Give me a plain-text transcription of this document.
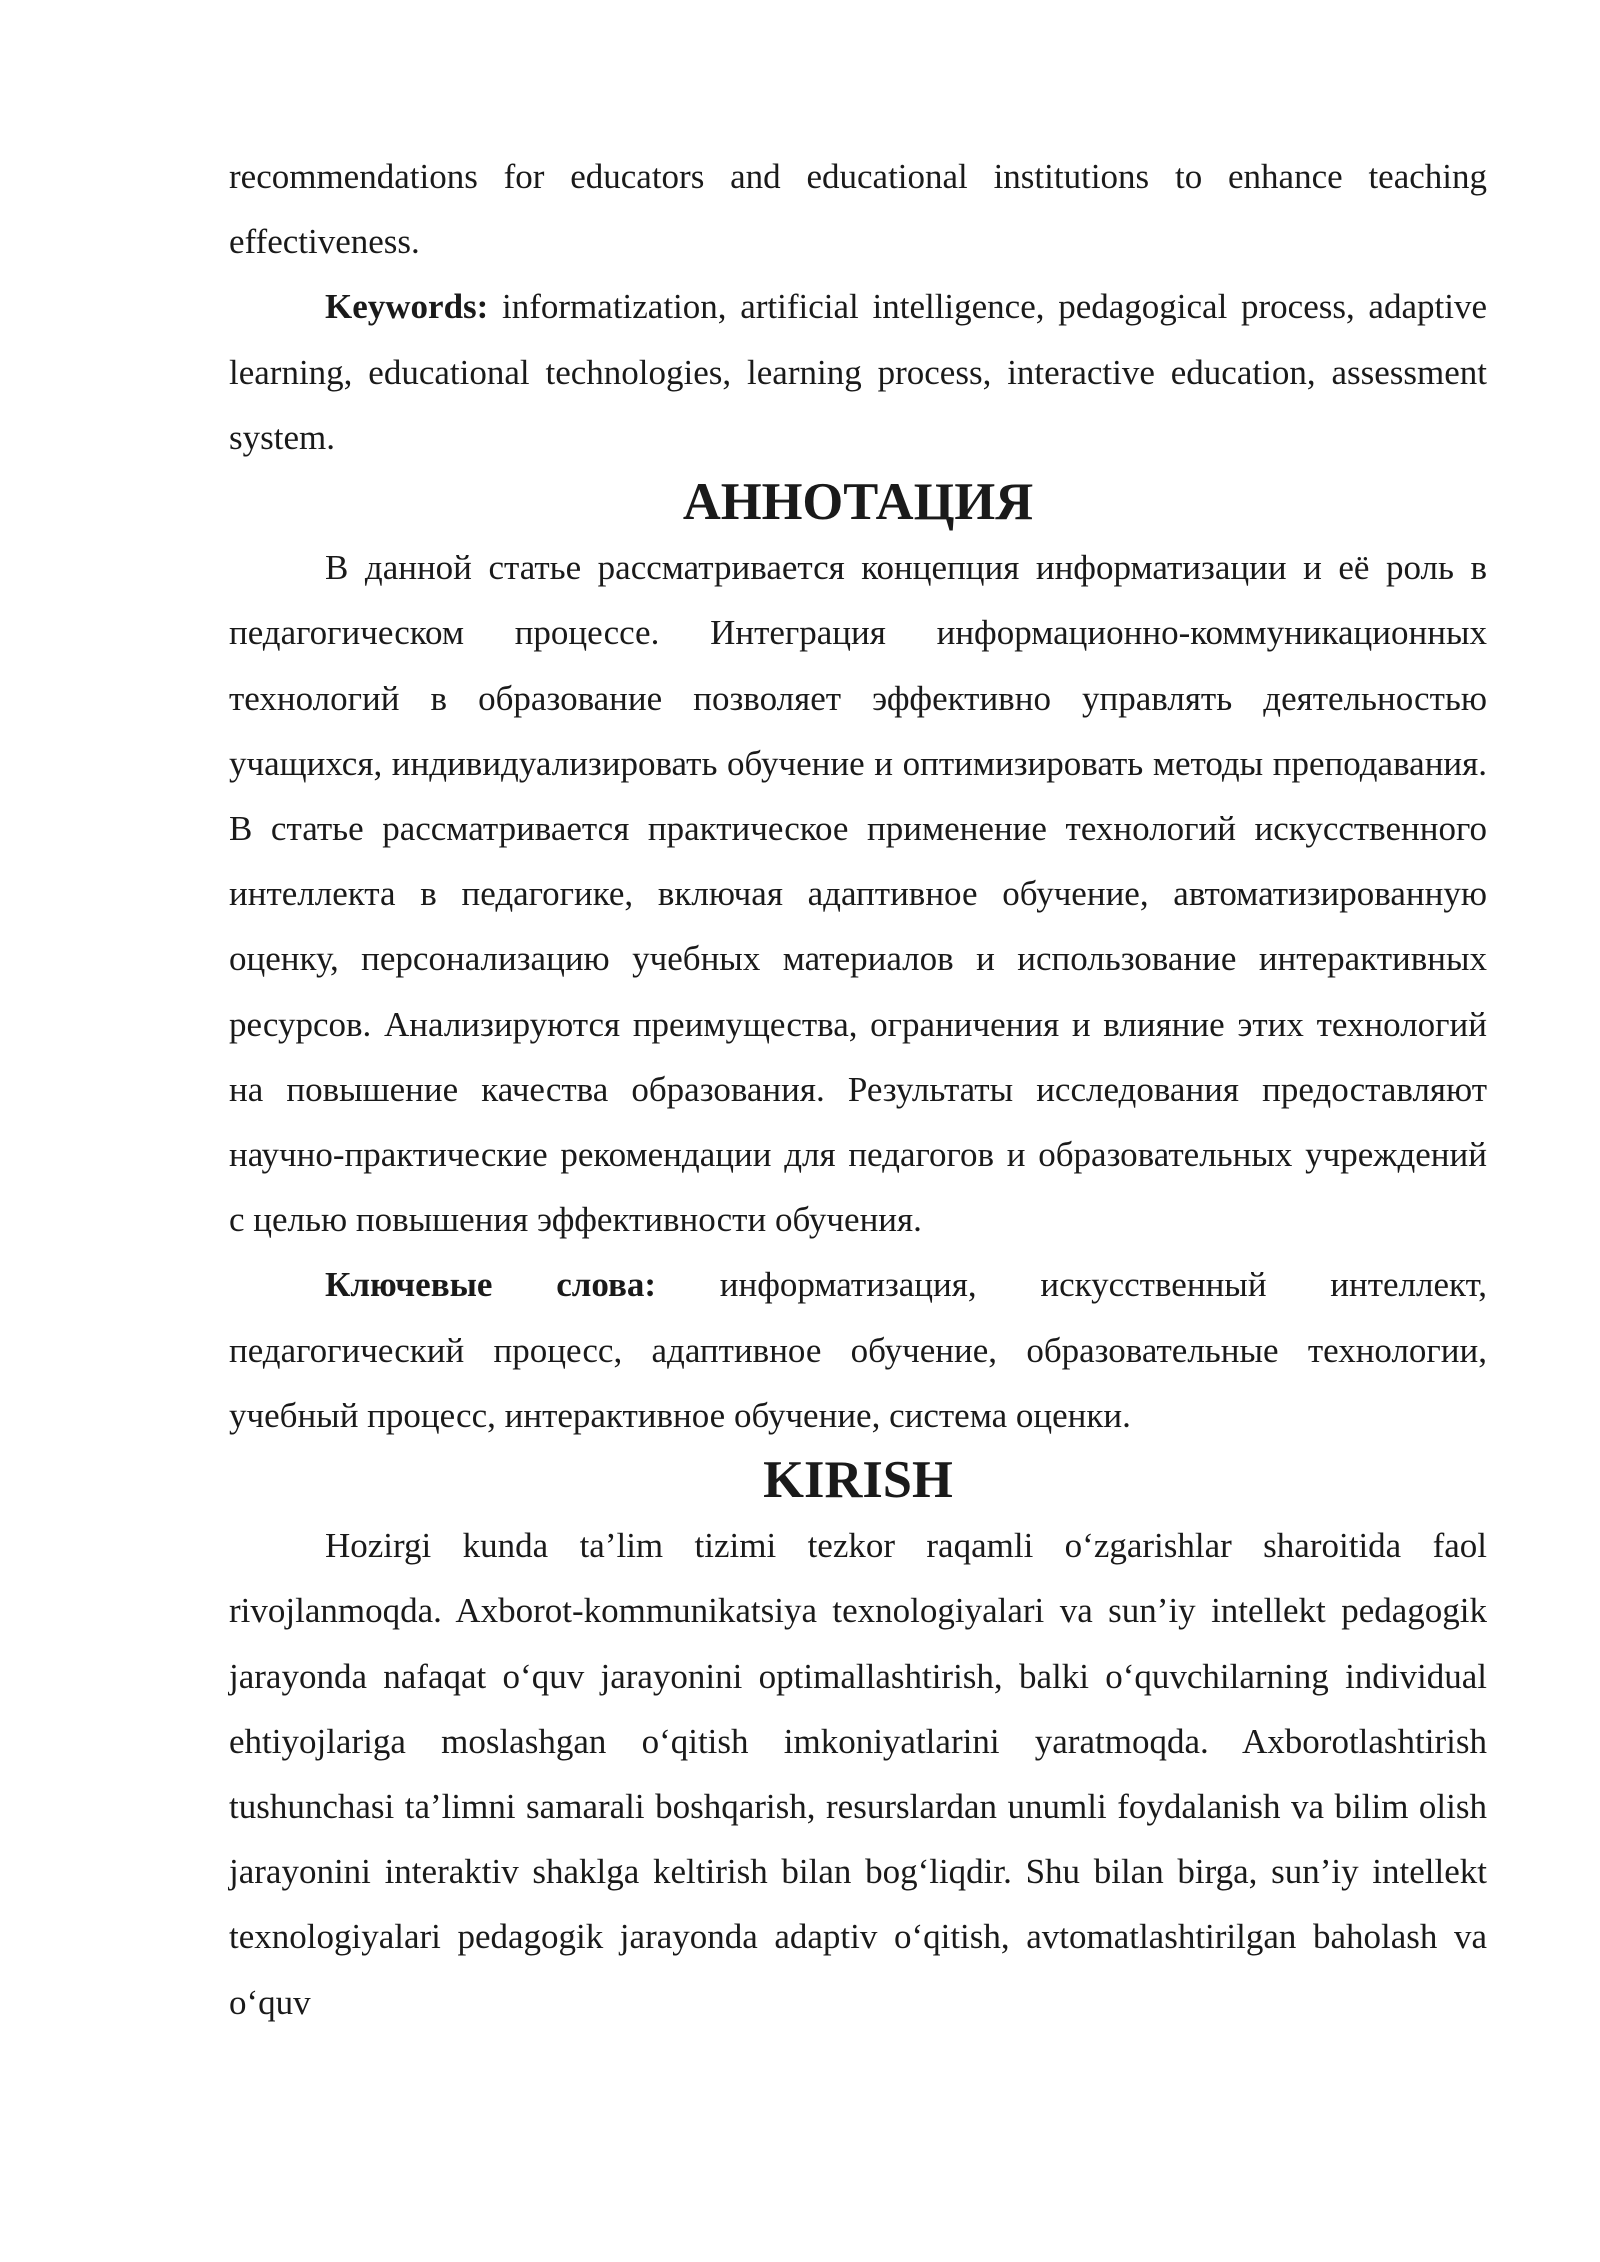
recommendations for educators and educational institutions to enhance teaching effectiveness.

Keywords: informatization, artificial intelligence, pedagogical process, adaptive learning, educational technologies, learning process, interactive education, assessment system.

АННОТАЦИЯ

В данной статье рассматривается концепция информатизации и её роль в педагогическом процессе. Интеграция информационно-коммуникационных технологий в образование позволяет эффективно управлять деятельностью учащихся, индивидуализировать обучение и оптимизировать методы преподавания. В статье рассматривается практическое применение технологий искусственного интеллекта в педагогике, включая адаптивное обучение, автоматизированную оценку, персонализацию учебных материалов и использование интерактивных ресурсов. Анализируются преимущества, ограничения и влияние этих технологий на повышение качества образования. Результаты исследования предоставляют научно-практические рекомендации для педагогов и образовательных учреждений с целью повышения эффективности обучения.

Ключевые слова: информатизация, искусственный интеллект, педагогический процесс, адаптивное обучение, образовательные технологии, учебный процесс, интерактивное обучение, система оценки.

KIRISH

Hozirgi kunda ta’lim tizimi tezkor raqamli o‘zgarishlar sharoitida faol rivojlanmoqda. Axborot-kommunikatsiya texnologiyalari va sun’iy intellekt pedagogik jarayonda nafaqat o‘quv jarayonini optimallashtirish, balki o‘quvchilarning individual ehtiyojlariga moslashgan o‘qitish imkoniyatlarini yaratmoqda. Axborotlashtirish tushunchasi ta’limni samarali boshqarish, resurslardan unumli foydalanish va bilim olish jarayonini interaktiv shaklga keltirish bilan bog‘liqdir. Shu bilan birga, sun’iy intellekt texnologiyalari pedagogik jarayonda adaptiv o‘qitish, avtomatlashtirilgan baholash va o‘quv
